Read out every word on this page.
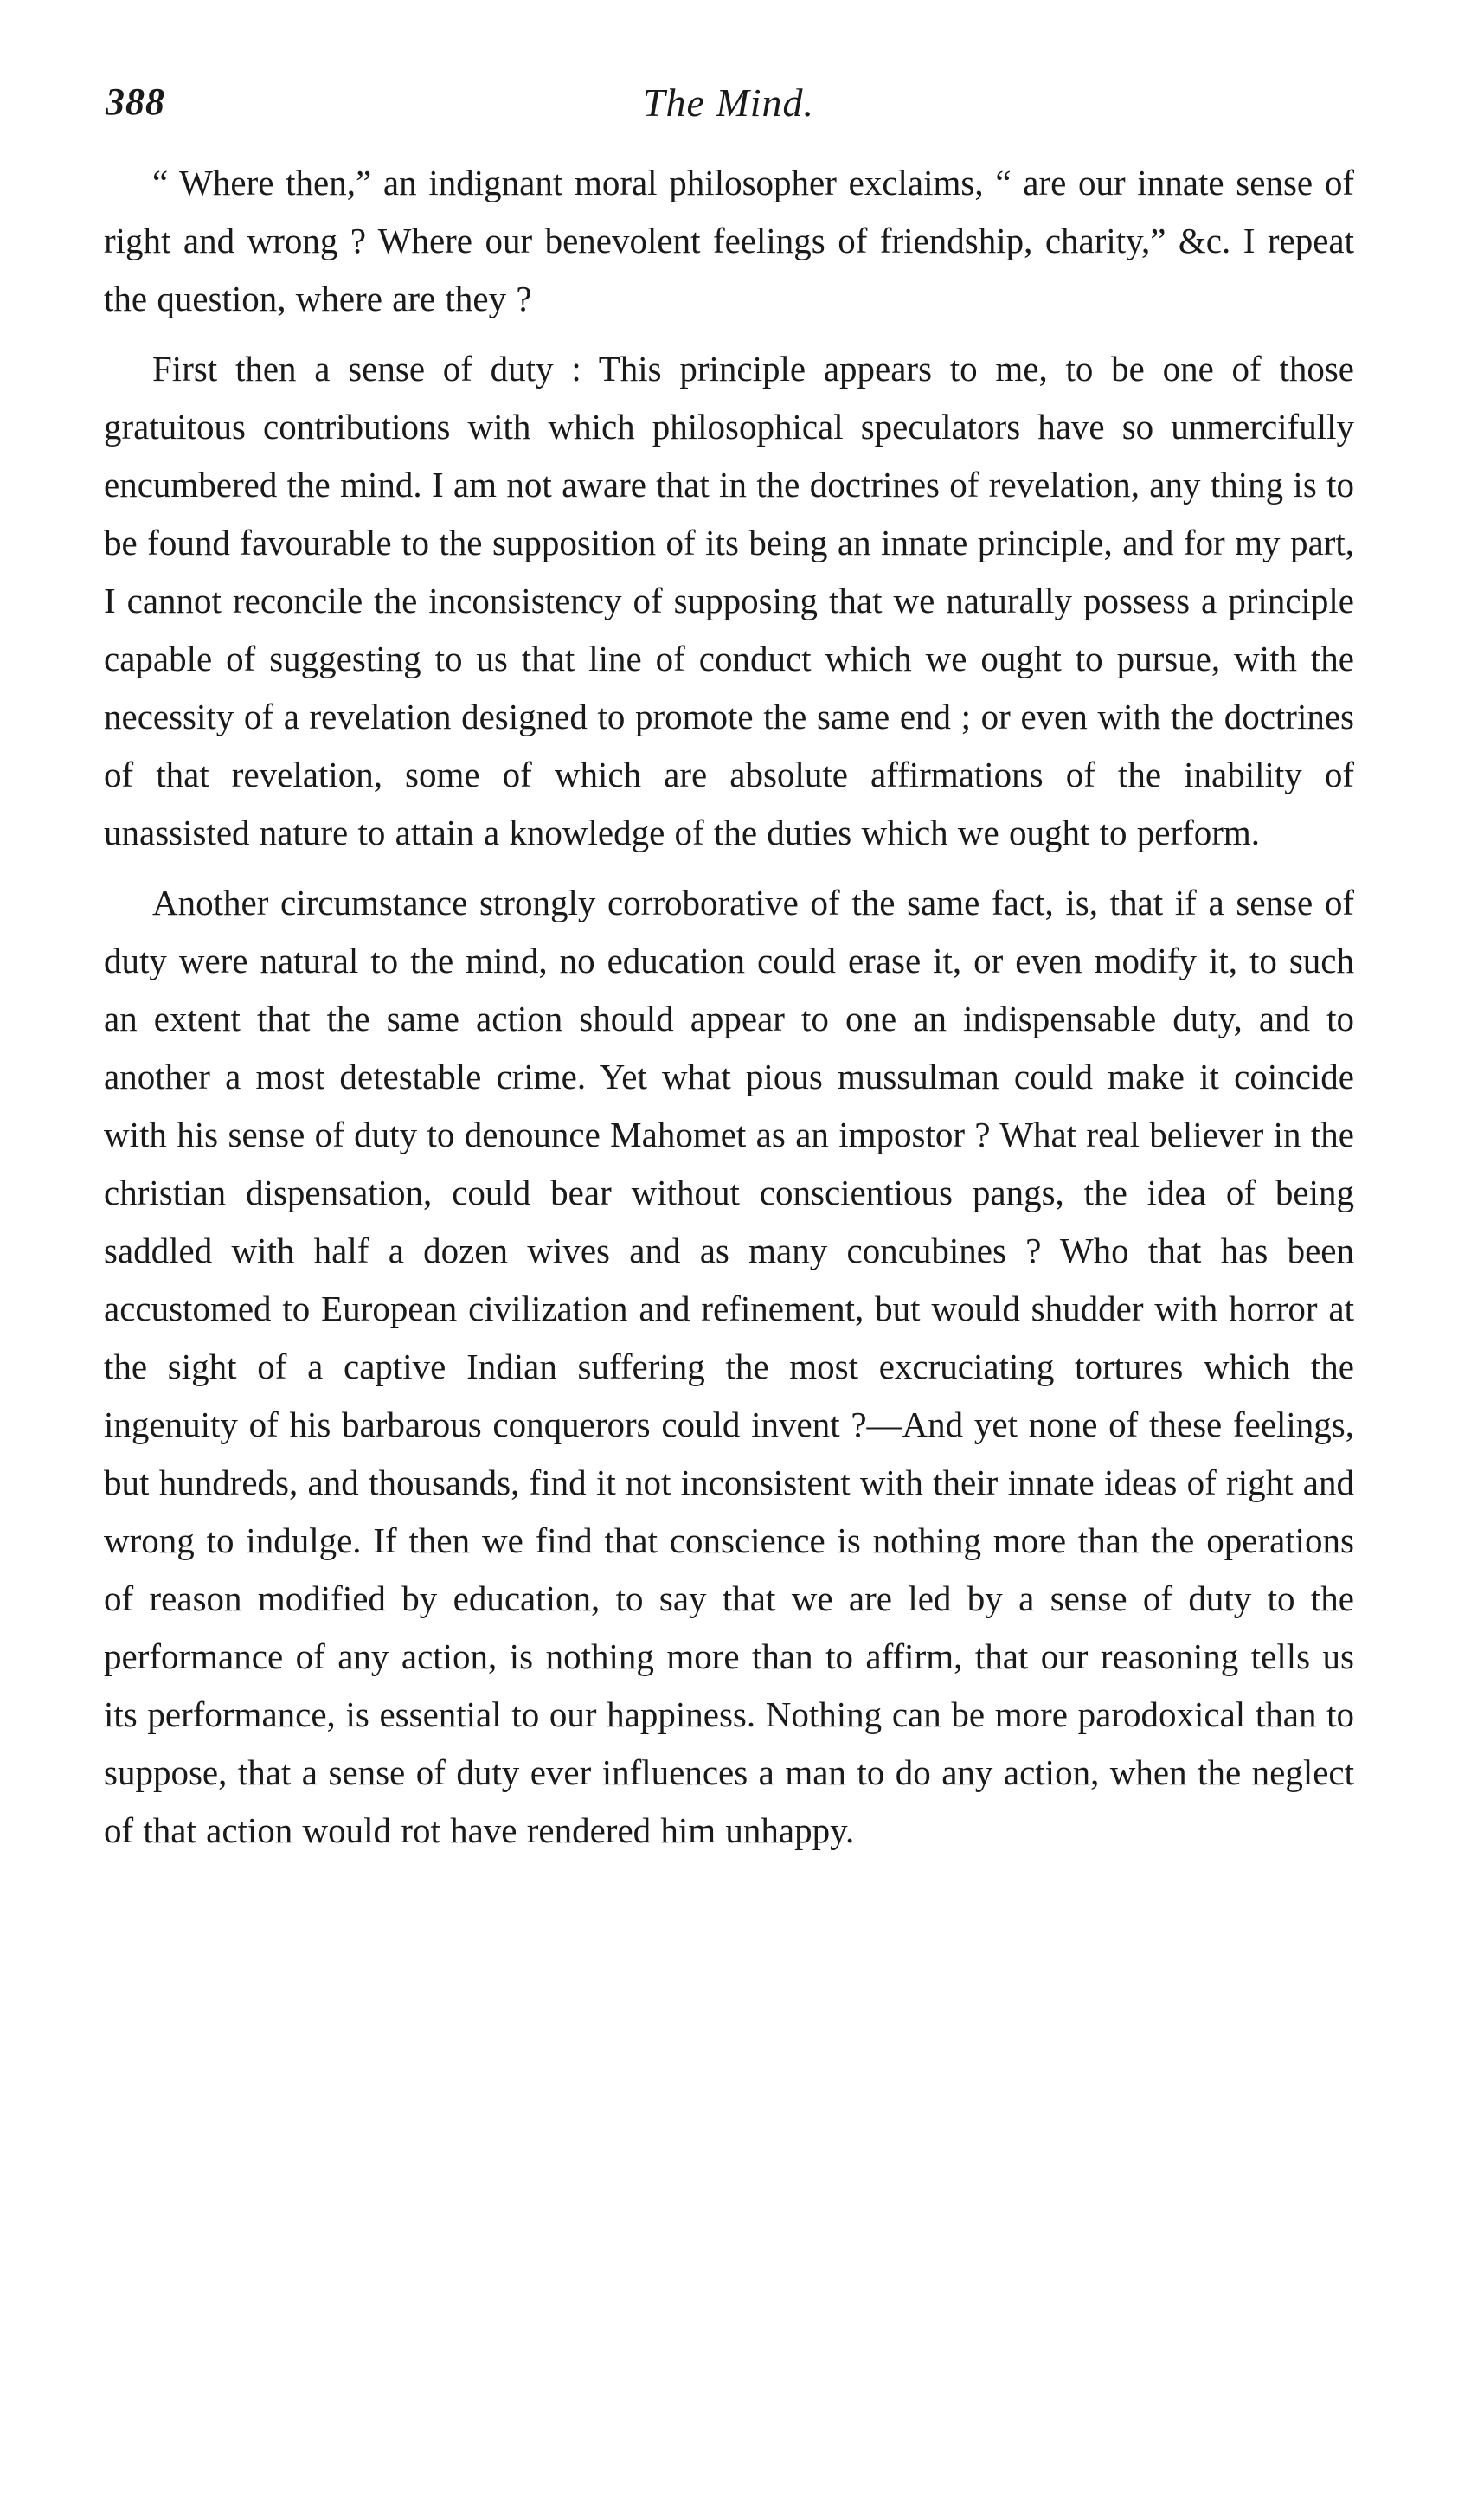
388	The Mind.

“ Where then,” an indignant moral philosopher exclaims, “ are our innate sense of right and wrong ? Where our benevolent feelings of friendship, charity,” &c. I repeat the question, where are they ?

First then a sense of duty : This principle appears to me, to be one of those gratuitous contributions with which philosophical speculators have so unmercifully encumbered the mind. I am not aware that in the doctrines of revelation, any thing is to be found favourable to the supposition of its being an innate principle, and for my part, I cannot reconcile the inconsistency of supposing that we naturally possess a principle capable of suggesting to us that line of conduct which we ought to pursue, with the necessity of a revelation designed to promote the same end ; or even with the doctrines of that revelation, some of which are absolute affirmations of the inability of unassisted nature to attain a knowledge of the duties which we ought to perform.

Another circumstance strongly corroborative of the same fact, is, that if a sense of duty were natural to the mind, no education could erase it, or even modify it, to such an extent that the same action should appear to one an indispensable duty, and to another a most detestable crime. Yet what pious mussulman could make it coincide with his sense of duty to denounce Mahomet as an impostor ? What real believer in the christian dispensation, could bear without conscientious pangs, the idea of being saddled with half a dozen wives and as many concubines ? Who that has been accustomed to European civilization and refinement, but would shudder with horror at the sight of a captive Indian suffering the most excruciating tortures which the ingenuity of his barbarous conquerors could invent ?—And yet none of these feelings, but hundreds, and thousands, find it not inconsistent with their innate ideas of right and wrong to indulge. If then we find that conscience is nothing more than the operations of reason modified by education, to say that we are led by a sense of duty to the performance of any action, is nothing more than to affirm, that our reasoning tells us its performance, is essential to our happiness. Nothing can be more parodoxical than to suppose, that a sense of duty ever influences a man to do any action, when the neglect of that action would rot have rendered him unhappy.
